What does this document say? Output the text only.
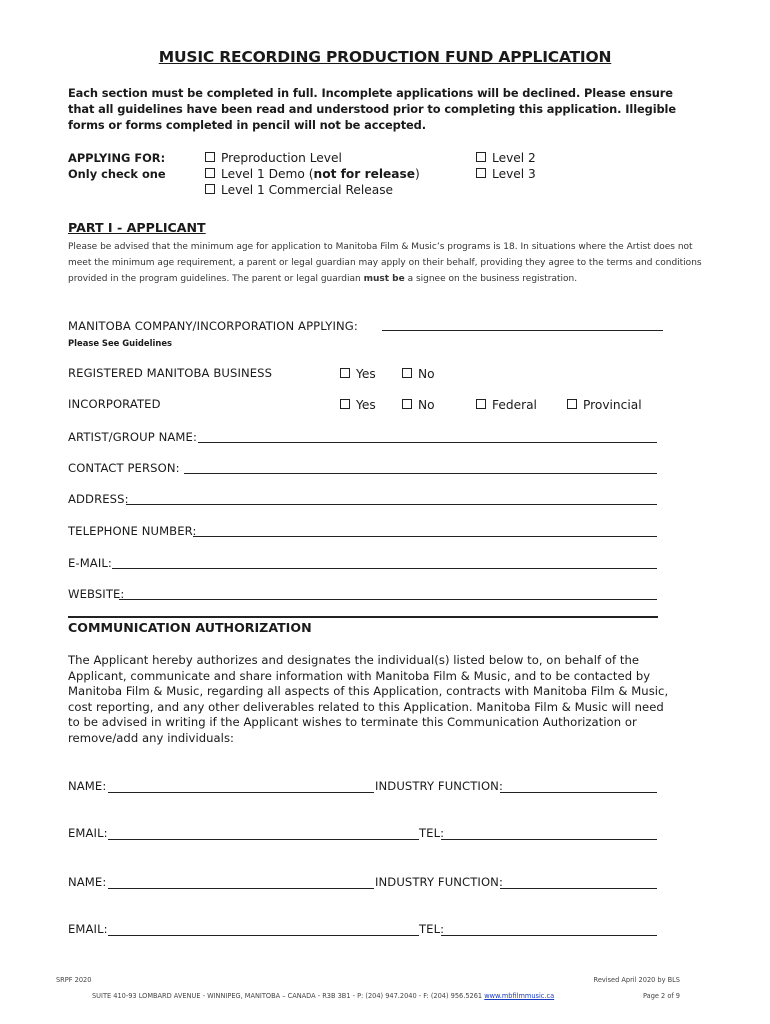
MUSIC RECORDING PRODUCTION FUND APPLICATION
Each section must be completed in full. Incomplete applications will be declined. Please ensure that all guidelines have been read and understood prior to completing this application. Illegible forms or forms completed in pencil will not be accepted.
APPLYING FOR:
Only check one
Preproduction Level
Level 1 Demo (not for release)
Level 1 Commercial Release
Level 2
Level 3
PART I - APPLICANT
Please be advised that the minimum age for application to Manitoba Film & Music’s programs is 18. In situations where the Artist does not meet the minimum age requirement, a parent or legal guardian may apply on their behalf, providing they agree to the terms and conditions provided in the program guidelines. The parent or legal guardian must be a signee on the business registration.
MANITOBA COMPANY/INCORPORATION APPLYING:
Please See Guidelines
REGISTERED MANITOBA BUSINESS	Yes	No
INCORPORATED	Yes	No	Federal	Provincial
ARTIST/GROUP NAME:
CONTACT PERSON:
ADDRESS:
TELEPHONE NUMBER:
E-MAIL:
WEBSITE:
COMMUNICATION AUTHORIZATION
The Applicant hereby authorizes and designates the individual(s) listed below to, on behalf of the Applicant, communicate and share information with Manitoba Film & Music, and to be contacted by Manitoba Film & Music, regarding all aspects of this Application, contracts with Manitoba Film & Music, cost reporting, and any other deliverables related to this Application. Manitoba Film & Music will need to be advised in writing if the Applicant wishes to terminate this Communication Authorization or remove/add any individuals:
NAME:	INDUSTRY FUNCTION:
EMAIL:	TEL:
NAME:	INDUSTRY FUNCTION:
EMAIL:	TEL:
SRPF 2020	Revised April 2020 by BLS
SUITE 410-93 LOMBARD AVENUE - WINNIPEG, MANITOBA – CANADA - R3B 3B1 - P: (204) 947.2040 - F: (204) 956.5261 www.mbfilmmusic.ca	Page 2 of 9
